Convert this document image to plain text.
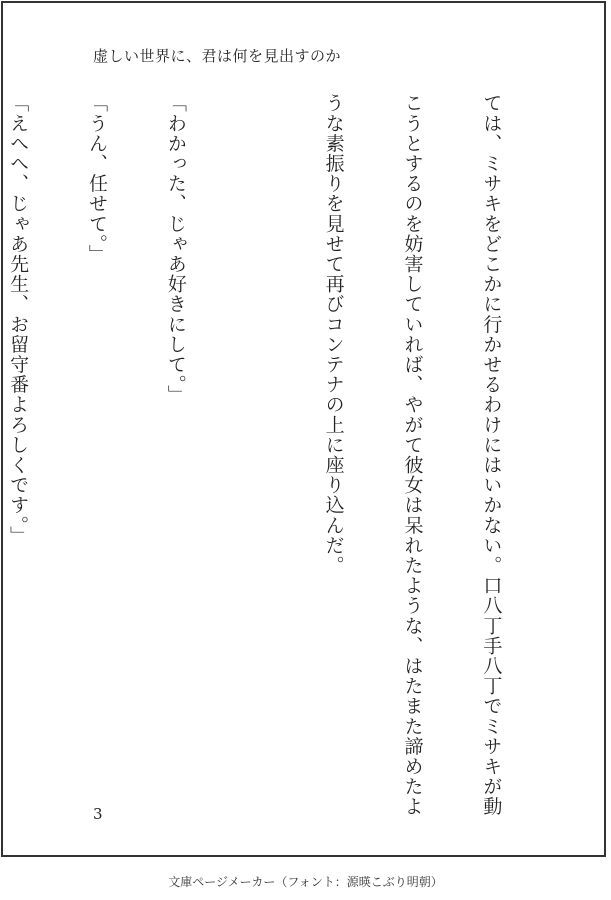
虚しい世界に、君は何を見出すのか

ては、ミサキをどこかに行かせるわけにはいかない。口八丁手八丁でミサキが動

こうとするのを妨害していれば、やがて彼女は呆れたような、はたまた諦めたよ

うな素振りを見せて再びコンテナの上に座り込んだ。

「わかった、じゃあ好きにして。」

「うん、任せて。」

「えへへ、じゃあ先生、お留守番よろしくです。」

3
文庫ページメーカー（フォント：源暎こぶり明朝）
